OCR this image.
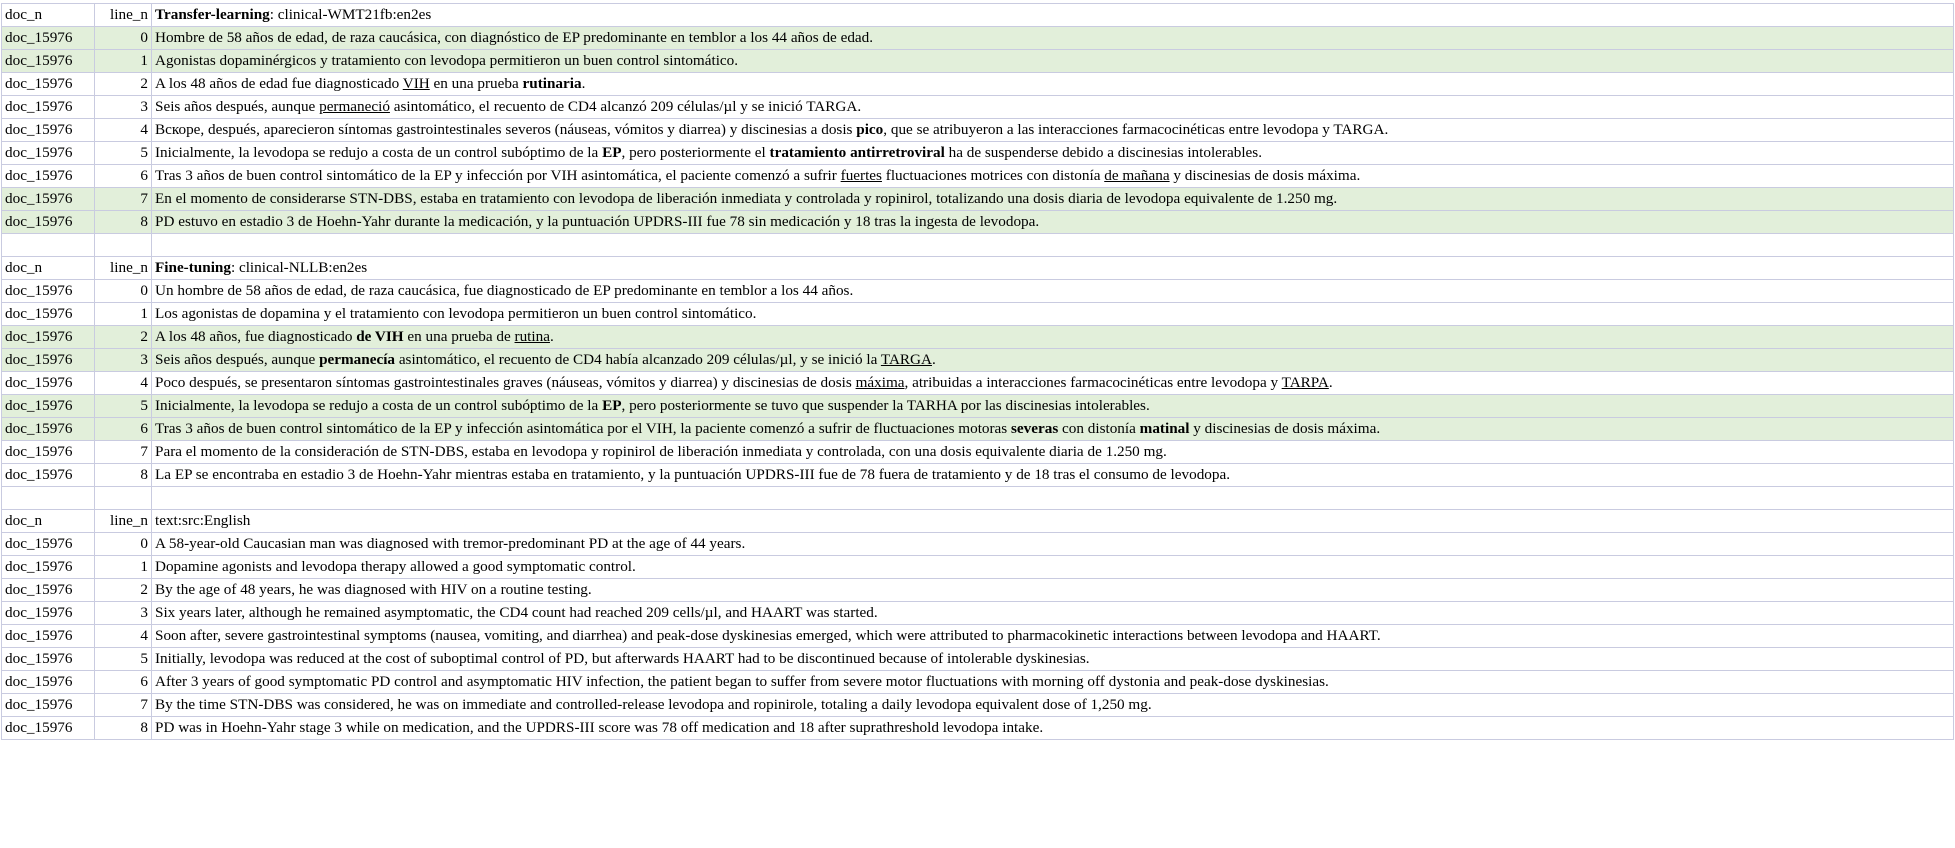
doc_n	line_n	Transfer-learning: clinical-WMT21fb:en2es
doc_15976	0	Hombre de 58 años de edad, de raza caucásica, con diagnóstico de EP predominante en temblor a los 44 años de edad.
doc_15976	1	Agonistas dopaminérgicos y tratamiento con levodopa permitieron un buen control sintomático.
doc_15976	2	A los 48 años de edad fue diagnosticado VIH en una prueba rutinaria.
doc_15976	3	Seis años después, aunque permaneció asintomático, el recuento de CD4 alcanzó 209 células/µl y se inició TARGA.
doc_15976	4	Вскоре, después, aparecieron síntomas gastrointestinales severos (náuseas, vómitos y diarrea) y discinesias a dosis pico, que se atribuyeron a las interacciones farmacocinéticas entre levodopa y TARGA.
doc_15976	5	Inicialmente, la levodopa se redujo a costa de un control subóptimo de la EP, pero posteriormente el tratamiento antirretroviral ha de suspenderse debido a discinesias intolerables.
doc_15976	6	Tras 3 años de buen control sintomático de la EP y infección por VIH asintomática, el paciente comenzó a sufrir fuertes fluctuaciones motrices con distonía de mañana y discinesias de dosis máxima.
doc_15976	7	En el momento de considerarse STN-DBS, estaba en tratamiento con levodopa de liberación inmediata y controlada y ropinirol, totalizando una dosis diaria de levodopa equivalente de 1.250 mg.
doc_15976	8	PD estuvo en estadio 3 de Hoehn-Yahr durante la medicación, y la puntuación UPDRS-III fue 78 sin medicación y 18 tras la ingesta de levodopa.

doc_n	line_n	Fine-tuning: clinical-NLLB:en2es
doc_15976	0	Un hombre de 58 años de edad, de raza caucásica, fue diagnosticado de EP predominante en temblor a los 44 años.
doc_15976	1	Los agonistas de dopamina y el tratamiento con levodopa permitieron un buen control sintomático.
doc_15976	2	A los 48 años, fue diagnosticado de VIH en una prueba de rutina.
doc_15976	3	Seis años después, aunque permanecía asintomático, el recuento de CD4 había alcanzado 209 células/µl, y se inició la TARGA.
doc_15976	4	Poco después, se presentaron síntomas gastrointestinales graves (náuseas, vómitos y diarrea) y discinesias de dosis máxima, atribuidas a interacciones farmacocinéticas entre levodopa y TARPA.
doc_15976	5	Inicialmente, la levodopa se redujo a costa de un control subóptimo de la EP, pero posteriormente se tuvo que suspender la TARHA por las discinesias intolerables.
doc_15976	6	Tras 3 años de buen control sintomático de la EP y infección asintomática por el VIH, la paciente comenzó a sufrir de fluctuaciones motoras severas con distonía matinal y discinesias de dosis máxima.
doc_15976	7	Para el momento de la consideración de STN-DBS, estaba en levodopa y ropinirol de liberación inmediata y controlada, con una dosis equivalente diaria de 1.250 mg.
doc_15976	8	La EP se encontraba en estadio 3 de Hoehn-Yahr mientras estaba en tratamiento, y la puntuación UPDRS-III fue de 78 fuera de tratamiento y de 18 tras el consumo de levodopa.

doc_n	line_n	text:src:English
doc_15976	0	A 58-year-old Caucasian man was diagnosed with tremor-predominant PD at the age of 44 years.
doc_15976	1	Dopamine agonists and levodopa therapy allowed a good symptomatic control.
doc_15976	2	By the age of 48 years, he was diagnosed with HIV on a routine testing.
doc_15976	3	Six years later, although he remained asymptomatic, the CD4 count had reached 209 cells/µl, and HAART was started.
doc_15976	4	Soon after, severe gastrointestinal symptoms (nausea, vomiting, and diarrhea) and peak-dose dyskinesias emerged, which were attributed to pharmacokinetic interactions between levodopa and HAART.
doc_15976	5	Initially, levodopa was reduced at the cost of suboptimal control of PD, but afterwards HAART had to be discontinued because of intolerable dyskinesias.
doc_15976	6	After 3 years of good symptomatic PD control and asymptomatic HIV infection, the patient began to suffer from severe motor fluctuations with morning off dystonia and peak-dose dyskinesias.
doc_15976	7	By the time STN-DBS was considered, he was on immediate and controlled-release levodopa and ropinirole, totaling a daily levodopa equivalent dose of 1,250 mg.
doc_15976	8	PD was in Hoehn-Yahr stage 3 while on medication, and the UPDRS-III score was 78 off medication and 18 after suprathreshold levodopa intake.
